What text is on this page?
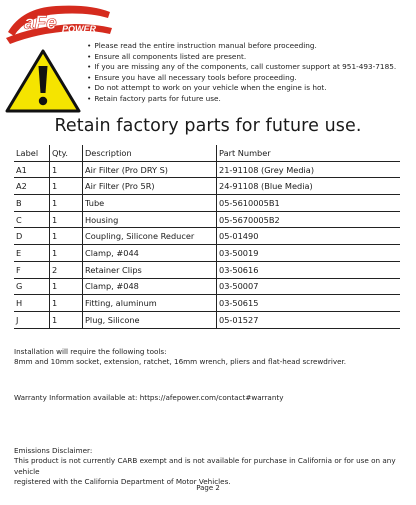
aFe POWER
• Please read the entire instruction manual before proceeding.
• Ensure all components listed are present.
• If you are missing any of the components, call customer support at 951-493-7185.
• Ensure you have all necessary tools before proceeding.
• Do not attempt to work on your vehicle when the engine is hot.
• Retain factory parts for future use.
Retain factory parts for future use.
Label	Qty.	Description	Part Number
A1	1	Air Filter (Pro DRY S)	21-91108 (Grey Media)
A2	1	Air Filter (Pro 5R)	24-91108 (Blue Media)
B	1	Tube	05-5610005B1
C	1	Housing	05-5670005B2
D	1	Coupling, Silicone Reducer	05-01490
E	1	Clamp, #044	03-50019
F	2	Retainer Clips	03-50616
G	1	Clamp, #048	03-50007
H	1	Fitting, aluminum	03-50615
J	1	Plug, Silicone	05-01527
Installation will require the following tools:
8mm and 10mm socket, extension, ratchet, 16mm wrench, pliers and flat-head screwdriver.
Warranty Information available at: https://afepower.com/contact#warranty
Emissions Disclaimer:
This product is not currently CARB exempt and is not available for purchase in California or for use on any vehicle
registered with the California Department of Motor Vehicles.
Page 2
